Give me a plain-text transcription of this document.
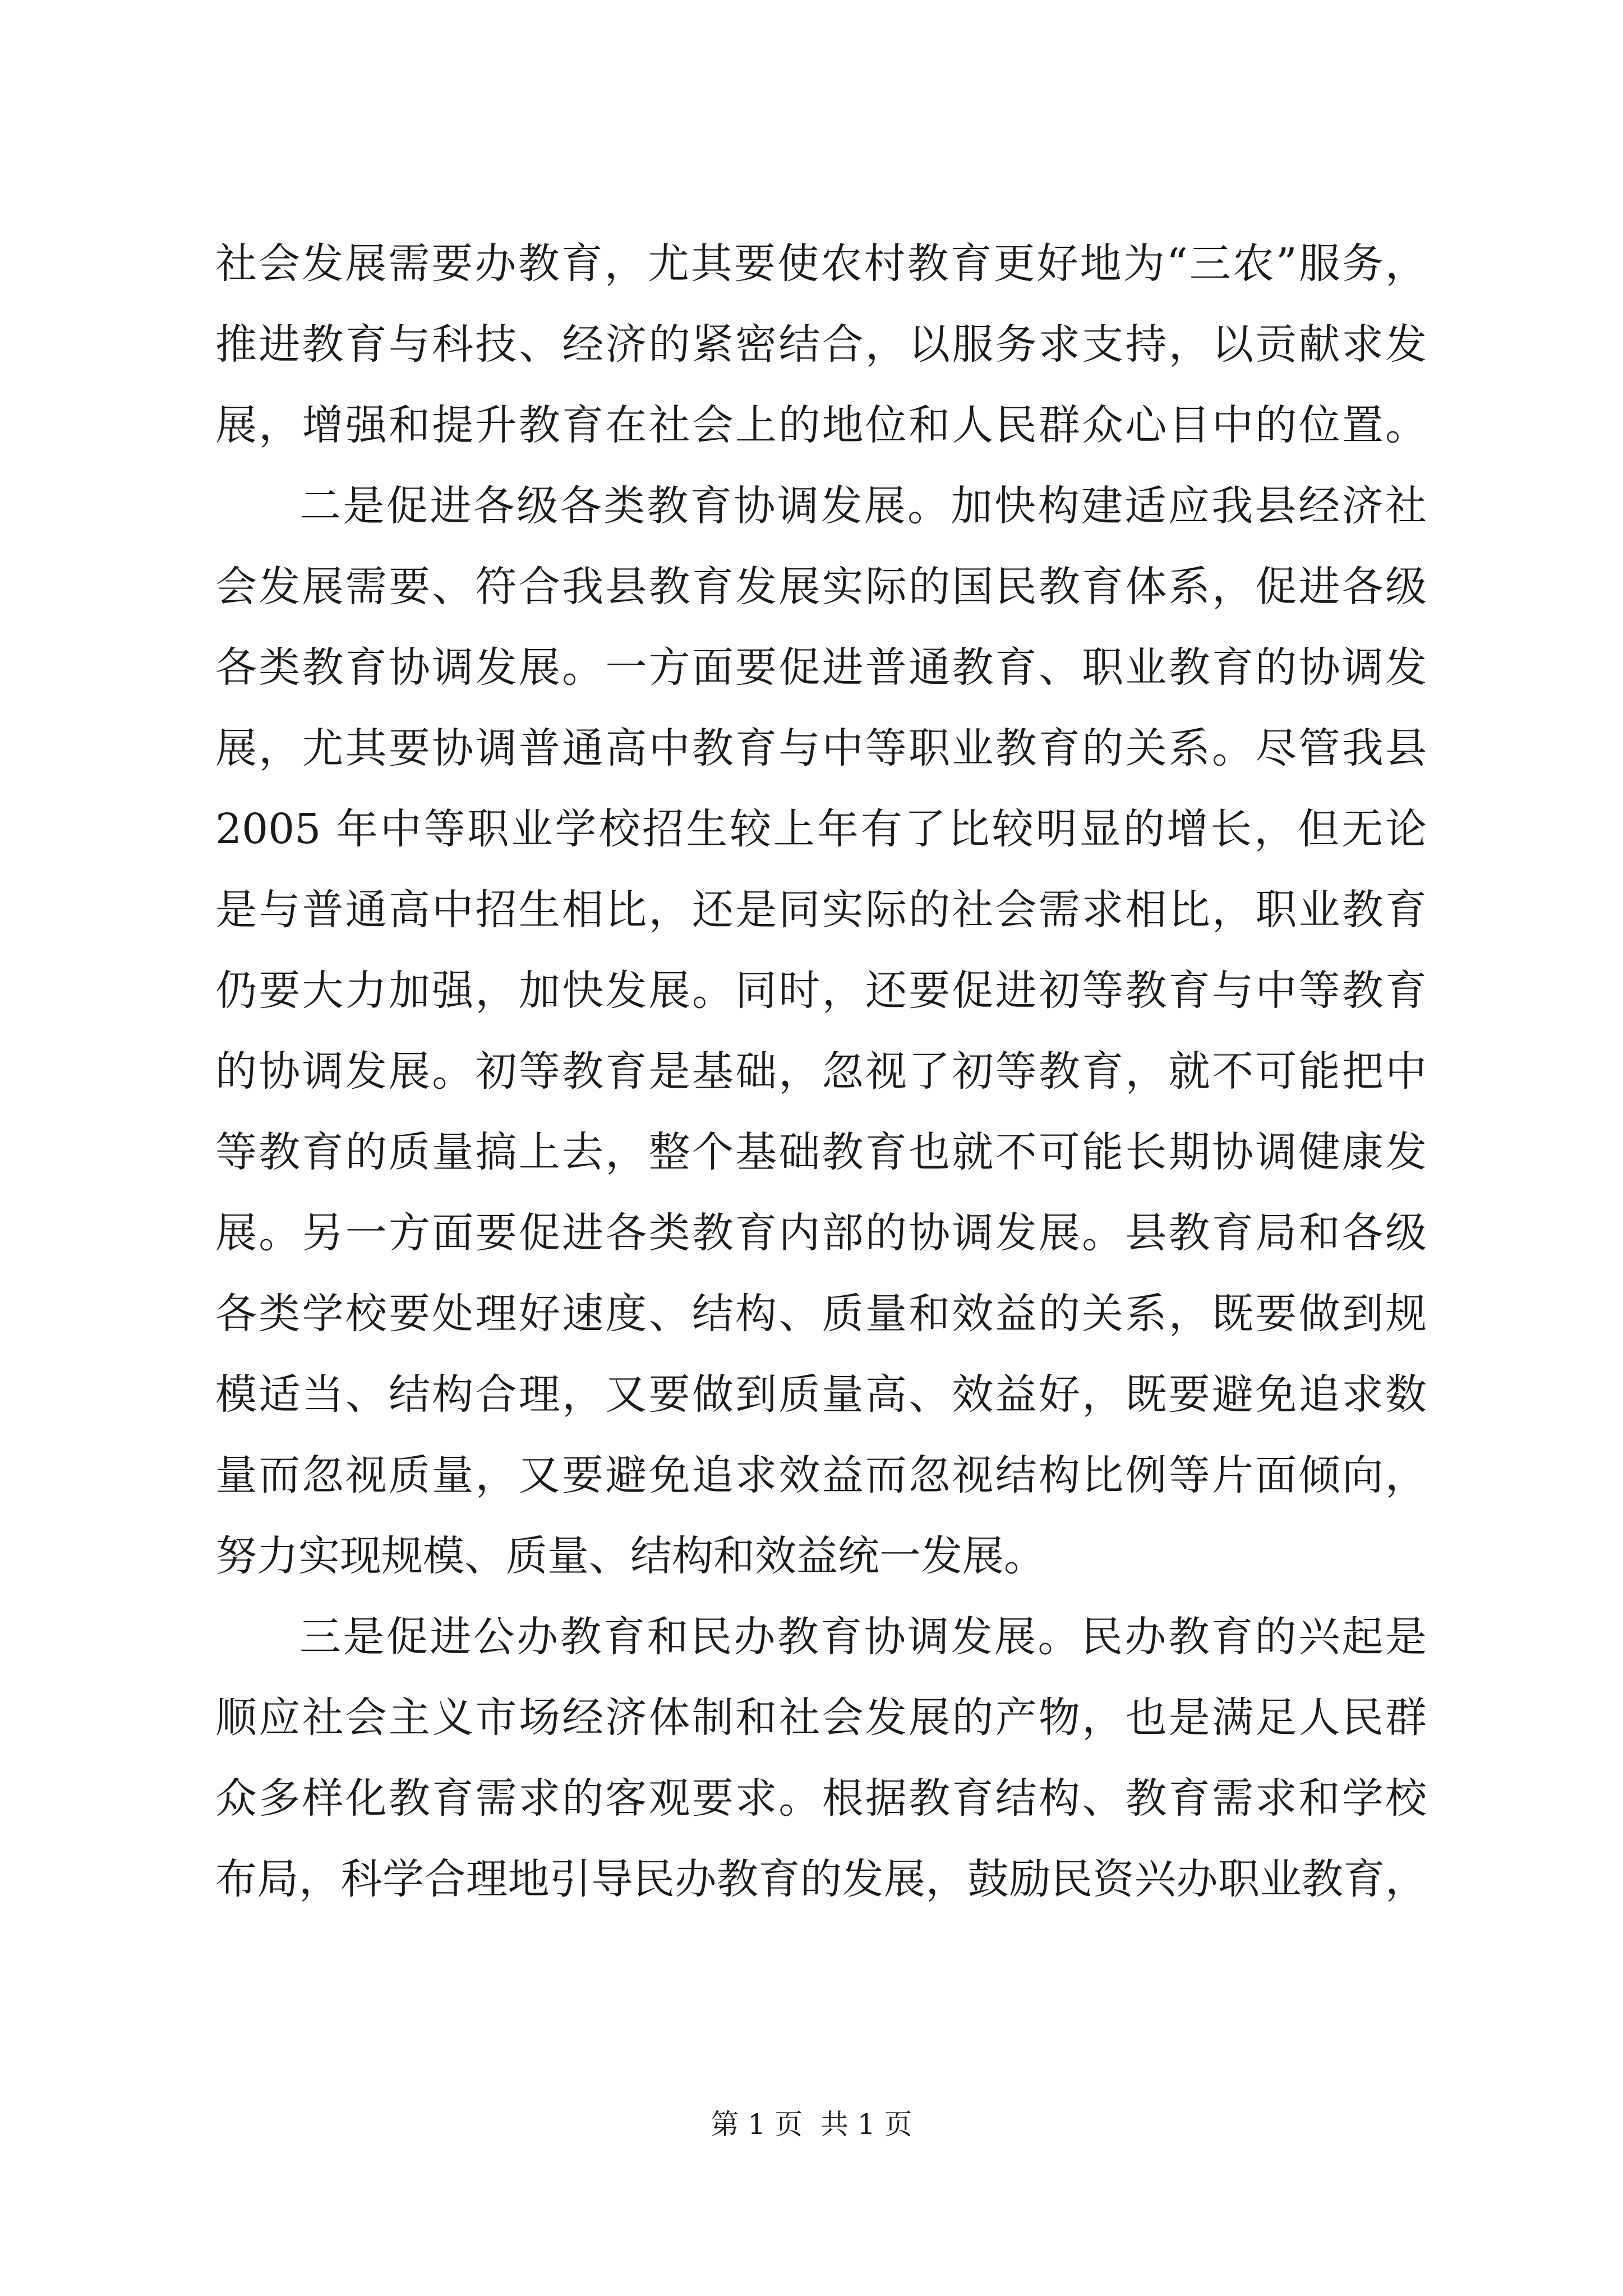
社会发展需要办教育，尤其要使农村教育更好地为“三农”服务，
推进教育与科技、经济的紧密结合，以服务求支持，以贡献求发
展，增强和提升教育在社会上的地位和人民群众心目中的位置。
二是促进各级各类教育协调发展。加快构建适应我县经济社
会发展需要、符合我县教育发展实际的国民教育体系，促进各级
各类教育协调发展。一方面要促进普通教育、职业教育的协调发
展，尤其要协调普通高中教育与中等职业教育的关系。尽管我县
2005 年中等职业学校招生较上年有了比较明显的增长，但无论
是与普通高中招生相比，还是同实际的社会需求相比，职业教育
仍要大力加强，加快发展。同时，还要促进初等教育与中等教育
的协调发展。初等教育是基础，忽视了初等教育，就不可能把中
等教育的质量搞上去，整个基础教育也就不可能长期协调健康发
展。另一方面要促进各类教育内部的协调发展。县教育局和各级
各类学校要处理好速度、结构、质量和效益的关系，既要做到规
模适当、结构合理，又要做到质量高、效益好，既要避免追求数
量而忽视质量，又要避免追求效益而忽视结构比例等片面倾向，
努力实现规模、质量、结构和效益统一发展。
三是促进公办教育和民办教育协调发展。民办教育的兴起是
顺应社会主义市场经济体制和社会发展的产物，也是满足人民群
众多样化教育需求的客观要求。根据教育结构、教育需求和学校
布局，科学合理地引导民办教育的发展，鼓励民资兴办职业教育，
第 1 页  共 1 页
